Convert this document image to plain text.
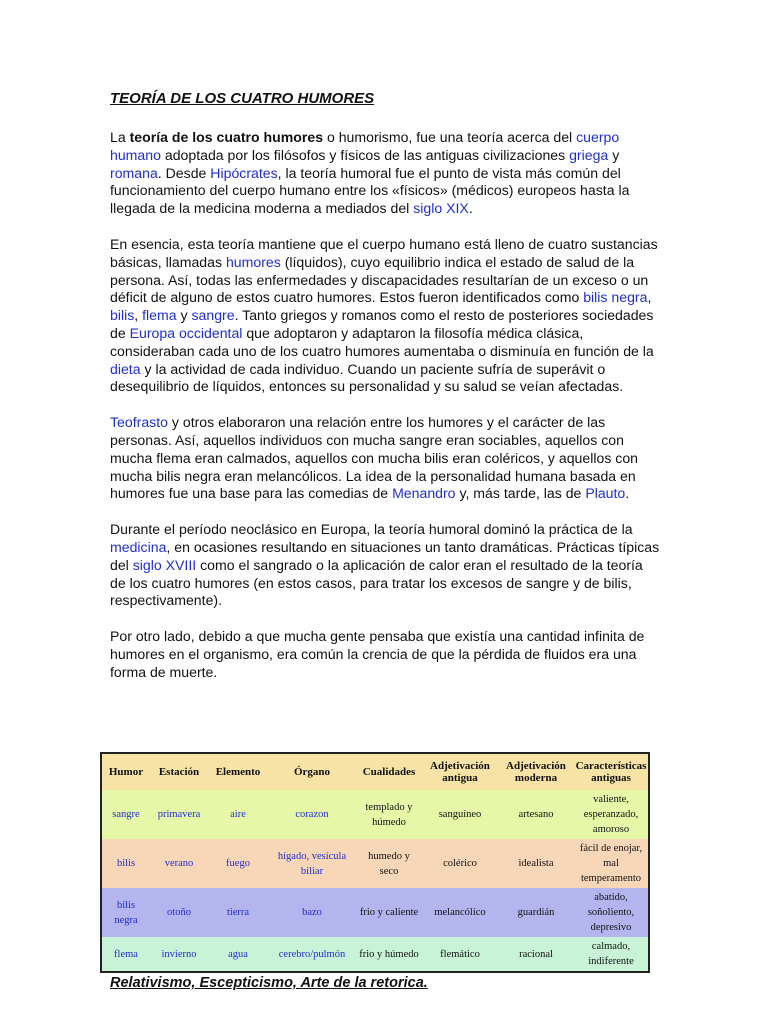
TEORÍA DE LOS CUATRO HUMORES

La teoría de los cuatro humores o humorismo, fue una teoría acerca del cuerpo humano adoptada por los filósofos y físicos de las antiguas civilizaciones griega y romana. Desde Hipócrates, la teoría humoral fue el punto de vista más común del funcionamiento del cuerpo humano entre los «físicos» (médicos) europeos hasta la llegada de la medicina moderna a mediados del siglo XIX.

En esencia, esta teoría mantiene que el cuerpo humano está lleno de cuatro sustancias básicas, llamadas humores (líquidos), cuyo equilibrio indica el estado de salud de la persona. Así, todas las enfermedades y discapacidades resultarían de un exceso o un déficit de alguno de estos cuatro humores. Estos fueron identificados como bilis negra, bilis, flema y sangre. Tanto griegos y romanos como el resto de posteriores sociedades de Europa occidental que adoptaron y adaptaron la filosofía médica clásica, consideraban cada uno de los cuatro humores aumentaba o disminuía en función de la dieta y la actividad de cada individuo. Cuando un paciente sufría de superávit o desequilibrio de líquidos, entonces su personalidad y su salud se veían afectadas.

Teofrasto y otros elaboraron una relación entre los humores y el carácter de las personas. Así, aquellos individuos con mucha sangre eran sociables, aquellos con mucha flema eran calmados, aquellos con mucha bilis eran coléricos, y aquellos con mucha bilis negra eran melancólicos. La idea de la personalidad humana basada en humores fue una base para las comedias de Menandro y, más tarde, las de Plauto.

Durante el período neoclásico en Europa, la teoría humoral dominó la práctica de la medicina, en ocasiones resultando en situaciones un tanto dramáticas. Prácticas típicas del siglo XVIII como el sangrado o la aplicación de calor eran el resultado de la teoría de los cuatro humores (en estos casos, para tratar los excesos de sangre y de bilis, respectivamente).

Por otro lado, debido a que mucha gente pensaba que existía una cantidad infinita de humores en el organismo, era común la crencia de que la pérdida de fluidos era una forma de muerte.

Humor	Estación	Elemento	Órgano	Cualidades	Adjetivación antigua	Adjetivación moderna	Características antiguas
sangre	primavera	aire	corazon	templado y húmedo	sanguíneo	artesano	valiente, esperanzado, amoroso
bilis	verano	fuego	hígado, vesícula biliar	humedo y seco	colérico	idealista	fácil de enojar, mal temperamento
bilis negra	otoño	tierra	bazo	frio y caliente	melancólico	guardián	abatido, soñoliento, depresivo
flema	invierno	agua	cerebro/pulmón	frio y húmedo	flemático	racional	calmado, indiferente
Relativismo, Escepticismo, Arte de la retorica.
